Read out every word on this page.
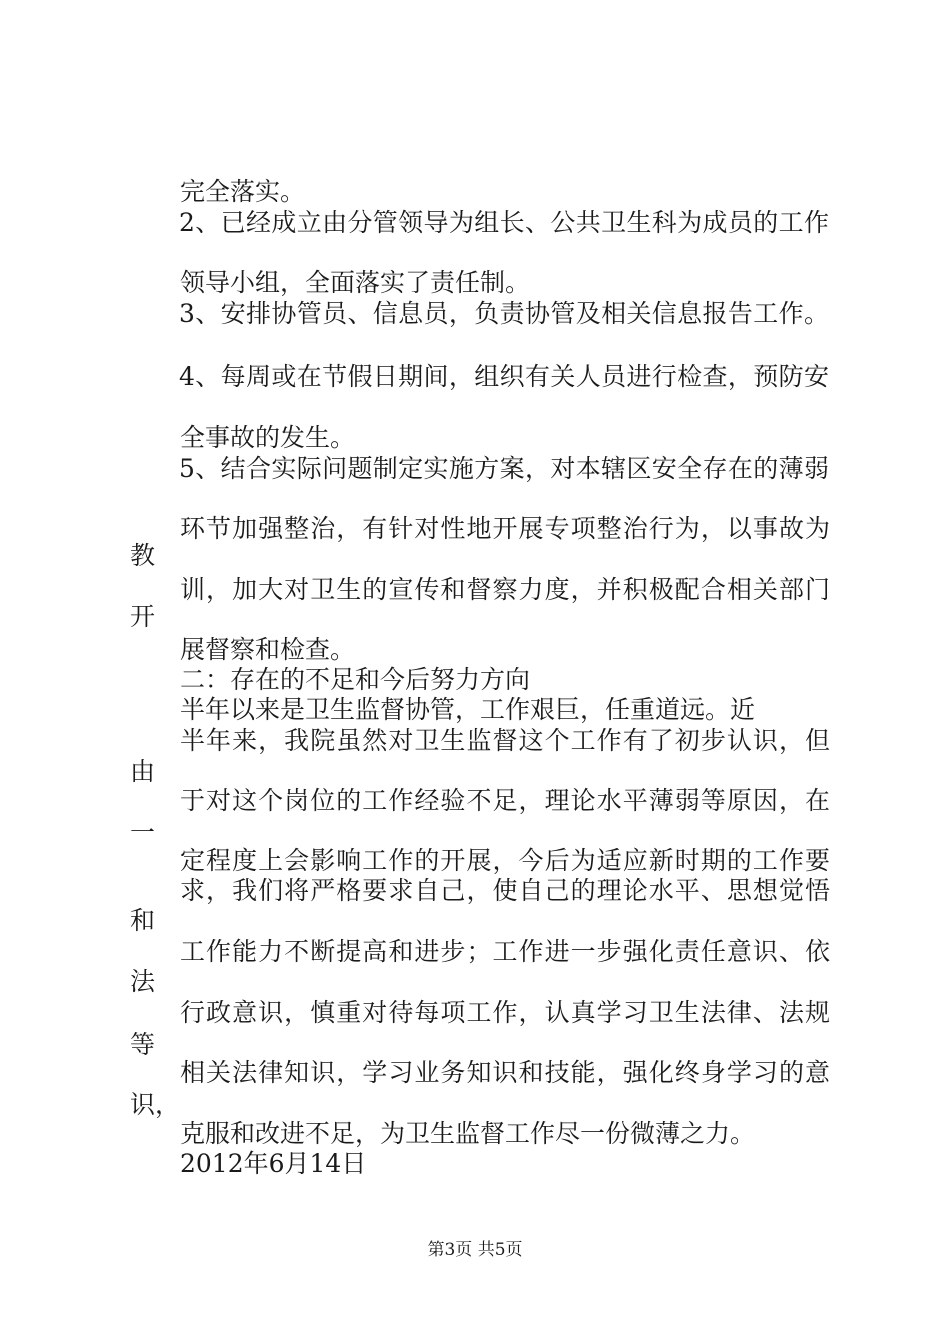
完全落实。
2、已经成立由分管领导为组长、公共卫生科为成员的工作
领导小组，全面落实了责任制。
3、安排协管员、信息员，负责协管及相关信息报告工作。
4、每周或在节假日期间，组织有关人员进行检查，预防安
全事故的发生。
5、结合实际问题制定实施方案，对本辖区安全存在的薄弱
环节加强整治，有针对性地开展专项整治行为，以事故为
训，加大对卫生的宣传和督察力度，并积极配合相关部门
展督察和检查。
二：存在的不足和今后努力方向
半年以来是卫生监督协管，工作艰巨，任重道远。近
半年来，我院虽然对卫生监督这个工作有了初步认识，但
于对这个岗位的工作经验不足，理论水平薄弱等原因，在
定程度上会影响工作的开展，今后为适应新时期的工作要
求，我们将严格要求自己，使自己的理论水平、思想觉悟
工作能力不断提高和进步；工作进一步强化责任意识、依
行政意识，慎重对待每项工作，认真学习卫生法律、法规
相关法律知识，学习业务知识和技能，强化终身学习的意
克服和改进不足，为卫生监督工作尽一份微薄之力。
2012年6月14日
教
开
由
一
和
法
等
识，
第3页 共5页
